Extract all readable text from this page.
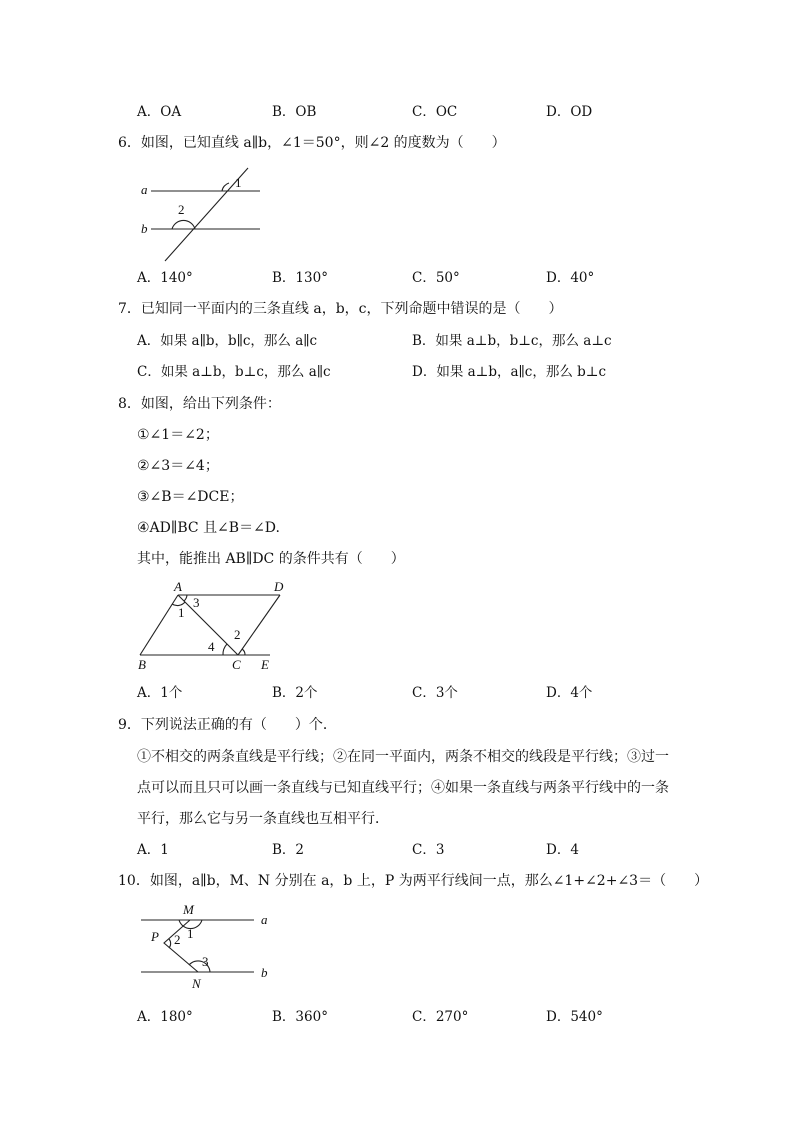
A．OA	B．OB	C．OC	D．OD
6．如图，已知直线 a∥b，∠1＝50°，则∠2 的度数为（　　）
a
b
1
2
A．140°	B．130°	C．50°	D．40°
7．已知同一平面内的三条直线 a，b，c，下列命题中错误的是（　　）
A．如果 a∥b，b∥c，那么 a∥c	B．如果 a⊥b，b⊥c，那么 a⊥c
C．如果 a⊥b，b⊥c，那么 a∥c	D．如果 a⊥b，a∥c，那么 b⊥c
8．如图，给出下列条件：
①∠1＝∠2；
②∠3＝∠4；
③∠B＝∠DCE；
④AD∥BC 且∠B＝∠D.
其中，能推出 AB∥DC 的条件共有（　　）
A	D
B	C E
1
3
4
2
A．1个	B．2个	C．3个	D．4个
9．下列说法正确的有（　　）个．
①不相交的两条直线是平行线；②在同一平面内，两条不相交的线段是平行线；③过一
点可以而且只可以画一条直线与已知直线平行；④如果一条直线与两条平行线中的一条
平行，那么它与另一条直线也互相平行．
A．1	B．2	C．3	D．4
10．如图，a∥b，M、N 分别在 a，b 上，P 为两平行线间一点，那么∠1+∠2+∠3＝（　　）
M
N
P
a
b
1
2
3
A．180°	B．360°	C．270°	D．540°
